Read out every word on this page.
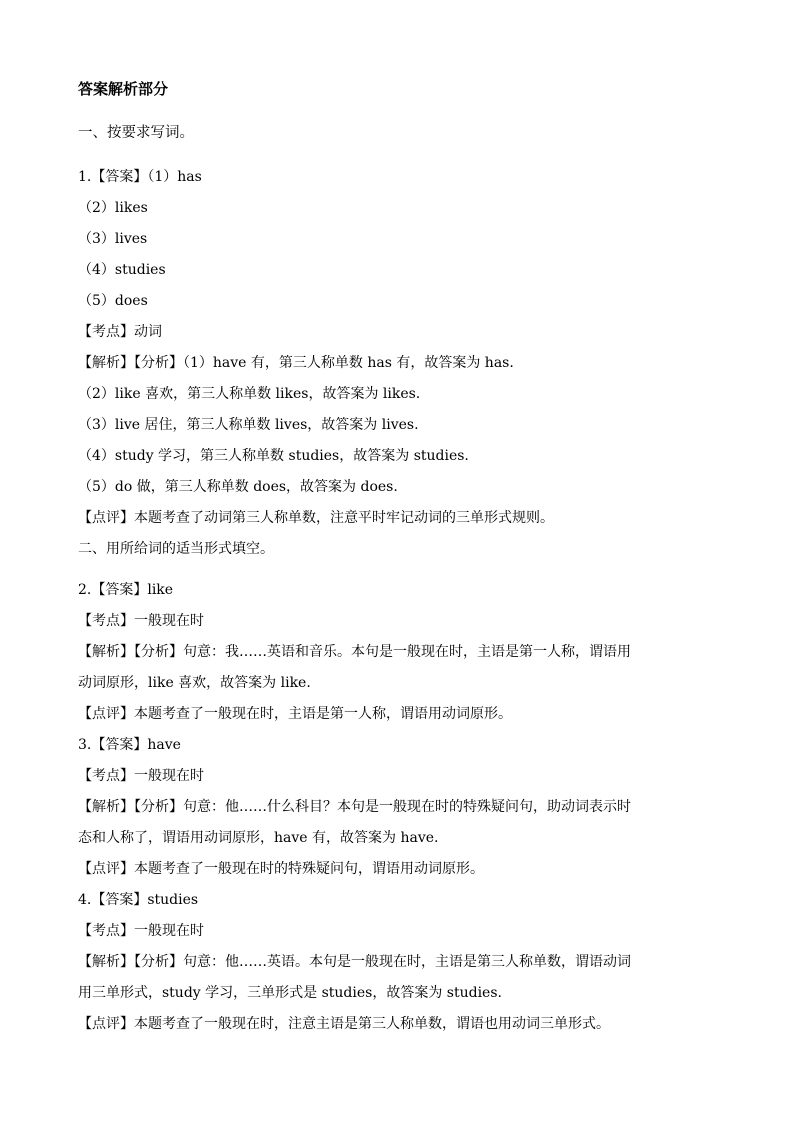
答案解析部分
一、按要求写词。
1.【答案】（1）has
（2）likes
（3）lives
（4）studies
（5）does
【考点】动词
【解析】【分析】（1）have 有，第三人称单数 has 有，故答案为 has.
（2）like 喜欢，第三人称单数 likes，故答案为 likes.
（3）live 居住，第三人称单数 lives，故答案为 lives.
（4）study 学习，第三人称单数 studies，故答案为 studies.
（5）do 做，第三人称单数 does，故答案为 does.
【点评】本题考查了动词第三人称单数，注意平时牢记动词的三单形式规则。
二、用所给词的适当形式填空。
2.【答案】like
【考点】一般现在时
【解析】【分析】句意：我……英语和音乐。本句是一般现在时，主语是第一人称，谓语用
动词原形，like 喜欢，故答案为 like.
【点评】本题考查了一般现在时，主语是第一人称，谓语用动词原形。
3.【答案】have
【考点】一般现在时
【解析】【分析】句意：他……什么科目？本句是一般现在时的特殊疑问句，助动词表示时
态和人称了，谓语用动词原形，have 有，故答案为 have.
【点评】本题考查了一般现在时的特殊疑问句，谓语用动词原形。
4.【答案】studies
【考点】一般现在时
【解析】【分析】句意：他……英语。本句是一般现在时，主语是第三人称单数，谓语动词
用三单形式，study 学习，三单形式是 studies，故答案为 studies.
【点评】本题考查了一般现在时，注意主语是第三人称单数，谓语也用动词三单形式。
